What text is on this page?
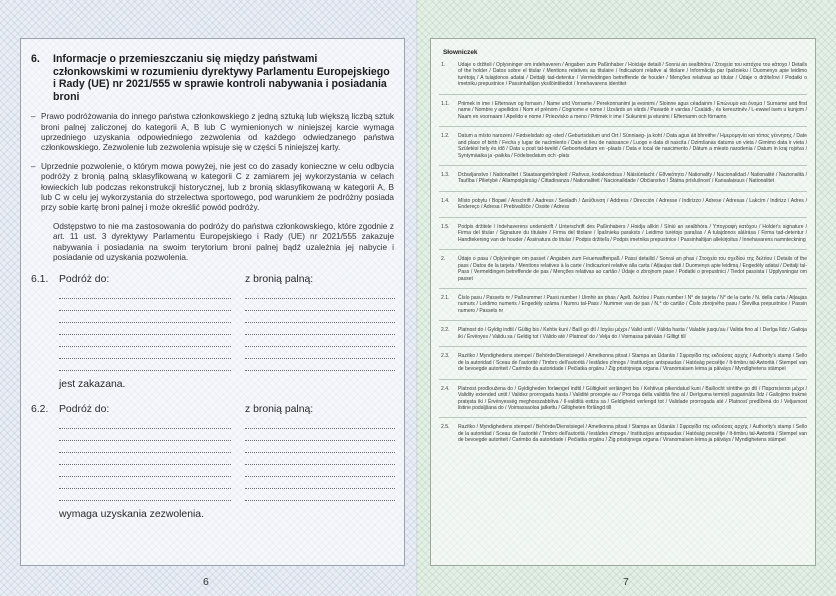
6.	Informacje o przemieszczaniu się między państwami członkowskimi w rozumieniu dyrektywy Parlamentu Europejskiego i Rady (UE) nr 2021/555 w sprawie kontroli nabywania i posiadania broni
– Prawo podróżowania do innego państwa członkowskiego z jedną sztuką lub większą liczbą sztuk broni palnej zaliczonej do kategorii A, B lub C wymienionych w niniejszej karcie wymaga uprzedniego uzyskania odpowiedniego zezwolenia od każdego odwiedzanego państwa członkowskiego. Zezwolenie lub zezwolenia wpisuje się w części 5 niniejszej karty.
– Uprzednie pozwolenie, o którym mowa powyżej, nie jest co do zasady konieczne w celu odbycia podróży z bronią palną sklasyfikowaną w kategorii C z zamiarem jej wykorzystania w celach łowieckich lub podczas rekonstrukcji historycznej, lub z bronią sklasyfikowaną w kategorii A, B lub C w celu jej wykorzystania do strzelectwa sportowego, pod warunkiem że podróżny posiada przy sobie kartę broni palnej i może określić powód podróży.
Odstępstwo to nie ma zastosowania do podróży do państwa członkowskiego, które zgodnie z art. 11 ust. 3 dyrektywy Parlamentu Europejskiego i Rady (UE) nr 2021/555 zakazuje nabywania i posiadania na swoim terytorium broni palnej bądź uzależnia jej nabycie i posiadanie od uzyskania pozwolenia.
6.1.	Podróż do:	z bronią palną:
jest zakazana.
6.2.	Podróż do:	z bronią palną:
wymaga uzyskania zezwolenia.
6
Słowniczek
1.	Udaje o držiteli / Oplysninger om indehaveren / Angaben zum Paßinhaber / Hoiclaje detaili / Sonrai an sealbhóra / Στοιχεία του κατόχου του κάτοχο / Details of the holder / Datos sobre el titular / Mentions relatives au titulaire / Indicazioni relative al titolare / Informācija par īpašnieku / Duomenys apie leidimo turėtoją / A tulajdonos adatai / Dettalji tad-detentur / Vermeldingen betreffende de houder / Menções relativas ao titular / Údaje o držiteľovi / Podatki o imetniku prepustnice / Passinhaltijan yksilöintitiedot / Innehavarens identitet
1.1.	Priimek in ime / Efternavn og fornavn / Name und Vorname / Perekonnanimi ja eesnimi / Sloinne agus céadainm / Επώνυμο και όνομα / Surname and first name / Nombre y apellidos / Nom et prénom / Cognome e nome / Uzvārds un vārds / Pavardė ir vardas / Családi-, és keresztnév / L-ewwel isem u kunjom / Naam en voornaam / Apelido e nome / Priezvisko a meno / Priimek ir ime / Sukunimi ja etunimi / Efternamn och förnamn
1.2.	Datum a místo narození / Fødselsdato og -sted / Geburtsdatum und Ort / Sünniaeg- ja koht / Data agus áit bhreithe / Ημερομηνία και τόπος γέννησης / Date and place of birth / Fecha y lugar de nacimiento / Date et lieu de naissance / Luogo e data di nascita / Dzimšanas datums un vieta / Gimimo data ir vieta / Születési hely és idő / Data u post tat-twelid / Geboortedatum en -plaats / Data e local de nascimento / Dátum a miesto narodenia / Datum in kraj rojstva / Syntymäaika ja -paikka / Födelsedatum och -plats
1.3.	Državljanstvo / Nationalitet / Staatsangehörigkeit / Rahvus, kodakondsus / Náisiúntacht / Εθνικότητα / Nationality / Nacionalidad / Nationalité / Nazionalità / Tautība / Pilietybė / Állampolgárság / Ċittadinanza / Nationaliteit / Nacionalidade / Občianstvo / Štátna príslušnosť / Kansalaisuus / Nationalitet
1.4.	Místo pobytu / Bopæl / Anschrift / Aadress / Seoladh / Διεύθυνση / Address / Dirección / Adresse / Indirizzo / Adrese / Adresas / Lakcím / Indirizz / Adres / Endereço / Adresa / Prebivališče / Osoite / Adress
1.5.	Podpis držitele / Indehaverens underskrift / Unterschrift des Paßinhabers / Hoidja allkiri / Síniú an sealbhóra / Υπογραφή κατόχου / Holder's signature / Firma del titular / Signature du titulaire / Firma del titolare / Īpašnieka paraksts / Leidimo turėtojo parašas / A tulajdonos aláírása / Firma tad-detentur / Handtekening van de houder / Assinatura do titular / Podpis držiteľa / Podpis imetnika prepustnice / Passinhaltijan allekirjoitus / Innehavarens namnteckning
2.	Údaje o pasu / Oplysninger om passet / Angaben zum Feuerwaffenpaß / Passi detailid / Sonraí an phas / Στοιχεία του σχεδίου της δελτίου / Details of the pass / Datos de la tarjeta / Mentions relatives à la carte / Indicazioni relative alla carta / Atļaujas dati / Duomenys apie leidimą / Engedély adatai / Dettalji tal-Pass / Vermeldingen betreffende de pas / Menções relativas ao cartão / Údaje o zbrojnom pase / Podatki o prepustnici / Tiedot passista / Upplysningar om passet
2.1.	Číslo pasu / Passets nr / Paßnummer / Passi number / Uimhir an phas / Αριθ. δελτίου / Pass number / N° de tarjeta / N° de la carte / N. della carta / Atļaujas numurs / Leidimo numeris / Engedély száma / Numru tal-Pass / Nummer van de pas / N.° do cartão / Číslo zbrojného pasu / Številka prepustnice / Passin numero / Passets nr
2.2.	Platnost do / Gyldig indtil / Gültig bis / Kehtiv kuni / Bailí go dtí / Ισχύει μέχρι / Valid until / Válida hasta / Valable jusqu'au / Valida fino al / Derīga līdz / Galioja iki / Érvényes / Validu sa / Geldig tot / Válido até / Platnosť do / Velja do / Voimassa päivään / Giltigt till
2.3.	Razítko / Myndighedens stempel / Behörde/Dienstsiegel / Ametkonna pitsat / Stampa an Údaráis / Σφραγίδα της εκδούσας αρχής / Authority's stamp / Sello de la autoridad / Sceau de l'autorité / Timbro dell'autorità / Iestādes zīmogs / Institucijos antspaudas / Hatóság pecsétje / It-timbru tal-Awtorità / Stempel van de bevoegde autoriteit / Carimbo da autoridade / Pečiatka orgánu / Žig pristojnega organa / Viranomaisen leima ja päiväys / Myndighetens stämpel
2.4.	Platnost prodloužena do / Gyldigheden forlænget indtil / Gültigkeit verlängert bis / Kehtivus pikendatud kuni / Bailíocht síntithe go dtí / Παρατείνεται μέχρι / Validity extended until / Validez prorrogada hasta / Validité prorogée au / Proroga della validità fino al / Derīguma termiņš pagarināts līdz / Galiojimo trukmė pratęsta iki / Érvényesség meghosszabbítva / Il-validità estiża sa / Geldigheid verlengd tot / Validade prorrogada até / Platnosť predĺžená do / Veljavnost listine podaljšana do / Voimassaoloa jatkettu / Giltigheten förlängd till
2.5.	Razítko / Myndighedens stempel / Behörde/Dienstsiegel / Ametkonna pitsat / Stampa an Údaráis / Σφραγίδα της εκδούσας αρχής / Authority's stamp / Sello de la autoridad / Sceau de l'autorité / Timbro dell'autorità / Iestādes zīmogs / Institucijos antspaudas / Hatóság pecsétje / It-timbru tal-Awtorità / Stempel van de bevoegde autoriteit / Carimbo da autoridade / Pečiatka orgánu / Žig pristojnega organa / Viranomaisen leima ja päiväys / Myndighetens stämpel
7
